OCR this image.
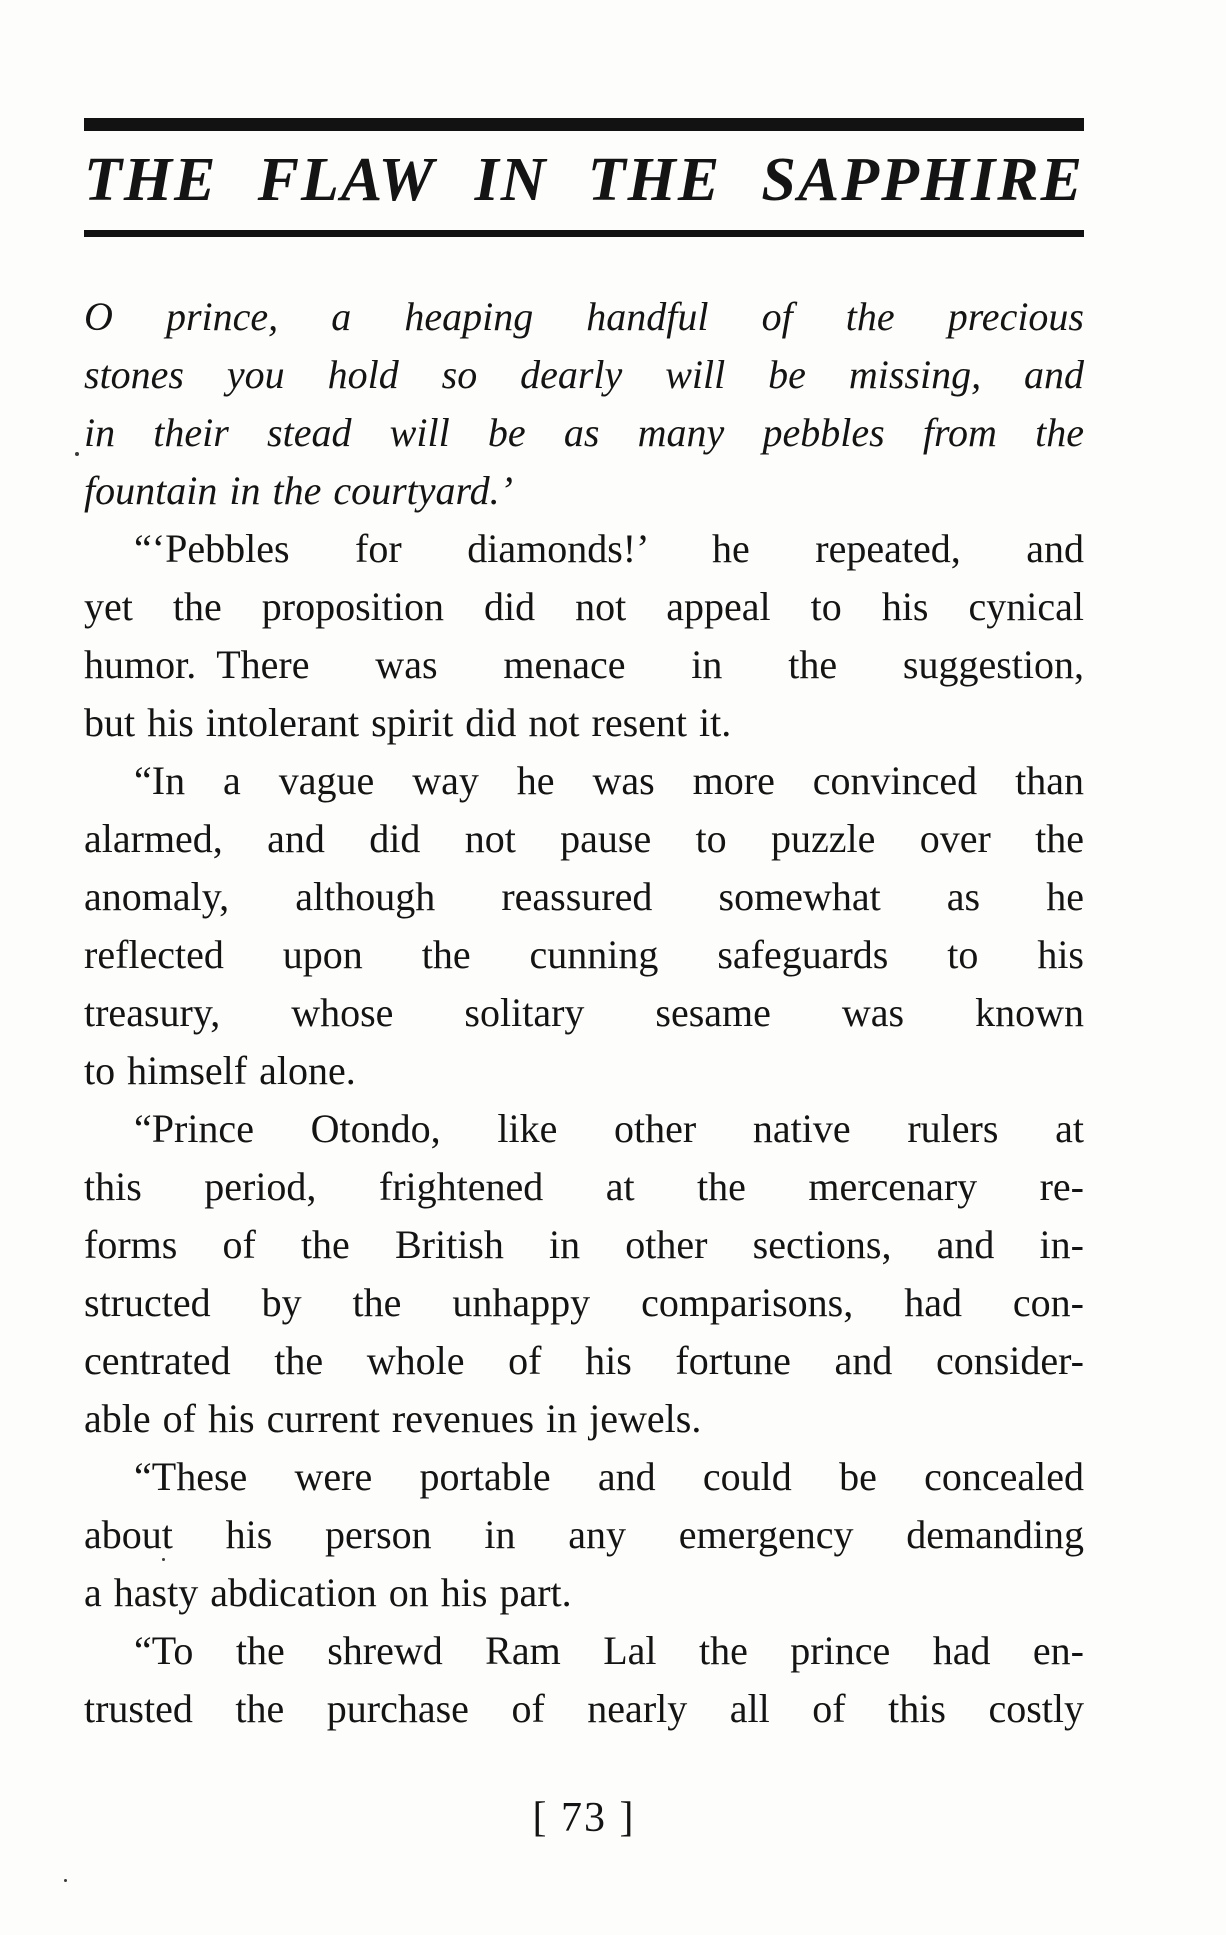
THE FLAW IN THE SAPPHIRE
O prince, a heaping handful of the precious
stones you hold so dearly will be missing, and
in their stead will be as many pebbles from the
fountain in the courtyard.’
“‘Pebbles for diamonds!’ he repeated, and
yet the proposition did not appeal to his cynical
humor. There was menace in the suggestion,
but his intolerant spirit did not resent it.
“In a vague way he was more convinced than
alarmed, and did not pause to puzzle over the
anomaly, although reassured somewhat as he
reflected upon the cunning safeguards to his
treasury, whose solitary sesame was known
to himself alone.
“Prince Otondo, like other native rulers at
this period, frightened at the mercenary re-
forms of the British in other sections, and in-
structed by the unhappy comparisons, had con-
centrated the whole of his fortune and consider-
able of his current revenues in jewels.
“These were portable and could be concealed
about his person in any emergency demanding
a hasty abdication on his part.
“To the shrewd Ram Lal the prince had en-
trusted the purchase of nearly all of this costly
[ 73 ]
